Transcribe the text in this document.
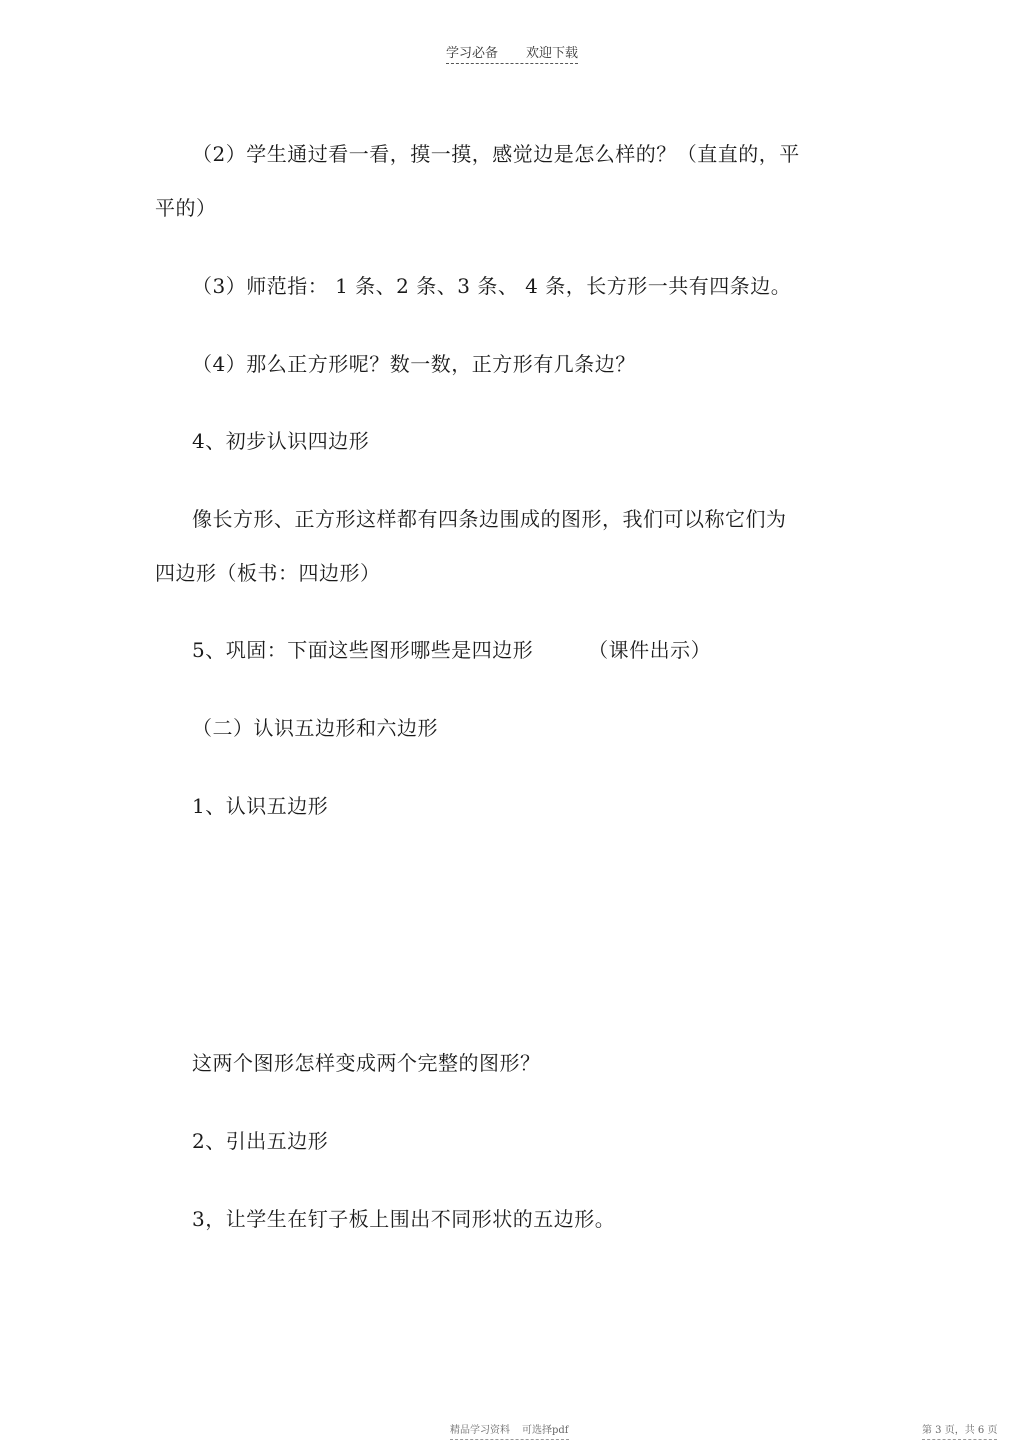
学习必备 欢迎下载
（2）学生通过看一看，摸一摸，感觉边是怎么样的？（直直的，平
平的）
（3）师范指： 1 条、2 条、3 条、 4 条，长方形一共有四条边。
（4）那么正方形呢？数一数，正方形有几条边？
4、初步认识四边形
像长方形、正方形这样都有四条边围成的图形，我们可以称它们为
四边形（板书：四边形）
5、巩固：下面这些图形哪些是四边形        （课件出示）
（二）认识五边形和六边形
1、认识五边形
这两个图形怎样变成两个完整的图形？
2、引出五边形
3，让学生在钉子板上围出不同形状的五边形。
精品学习资料 可选择pdf	第 3 页，共 6 页
